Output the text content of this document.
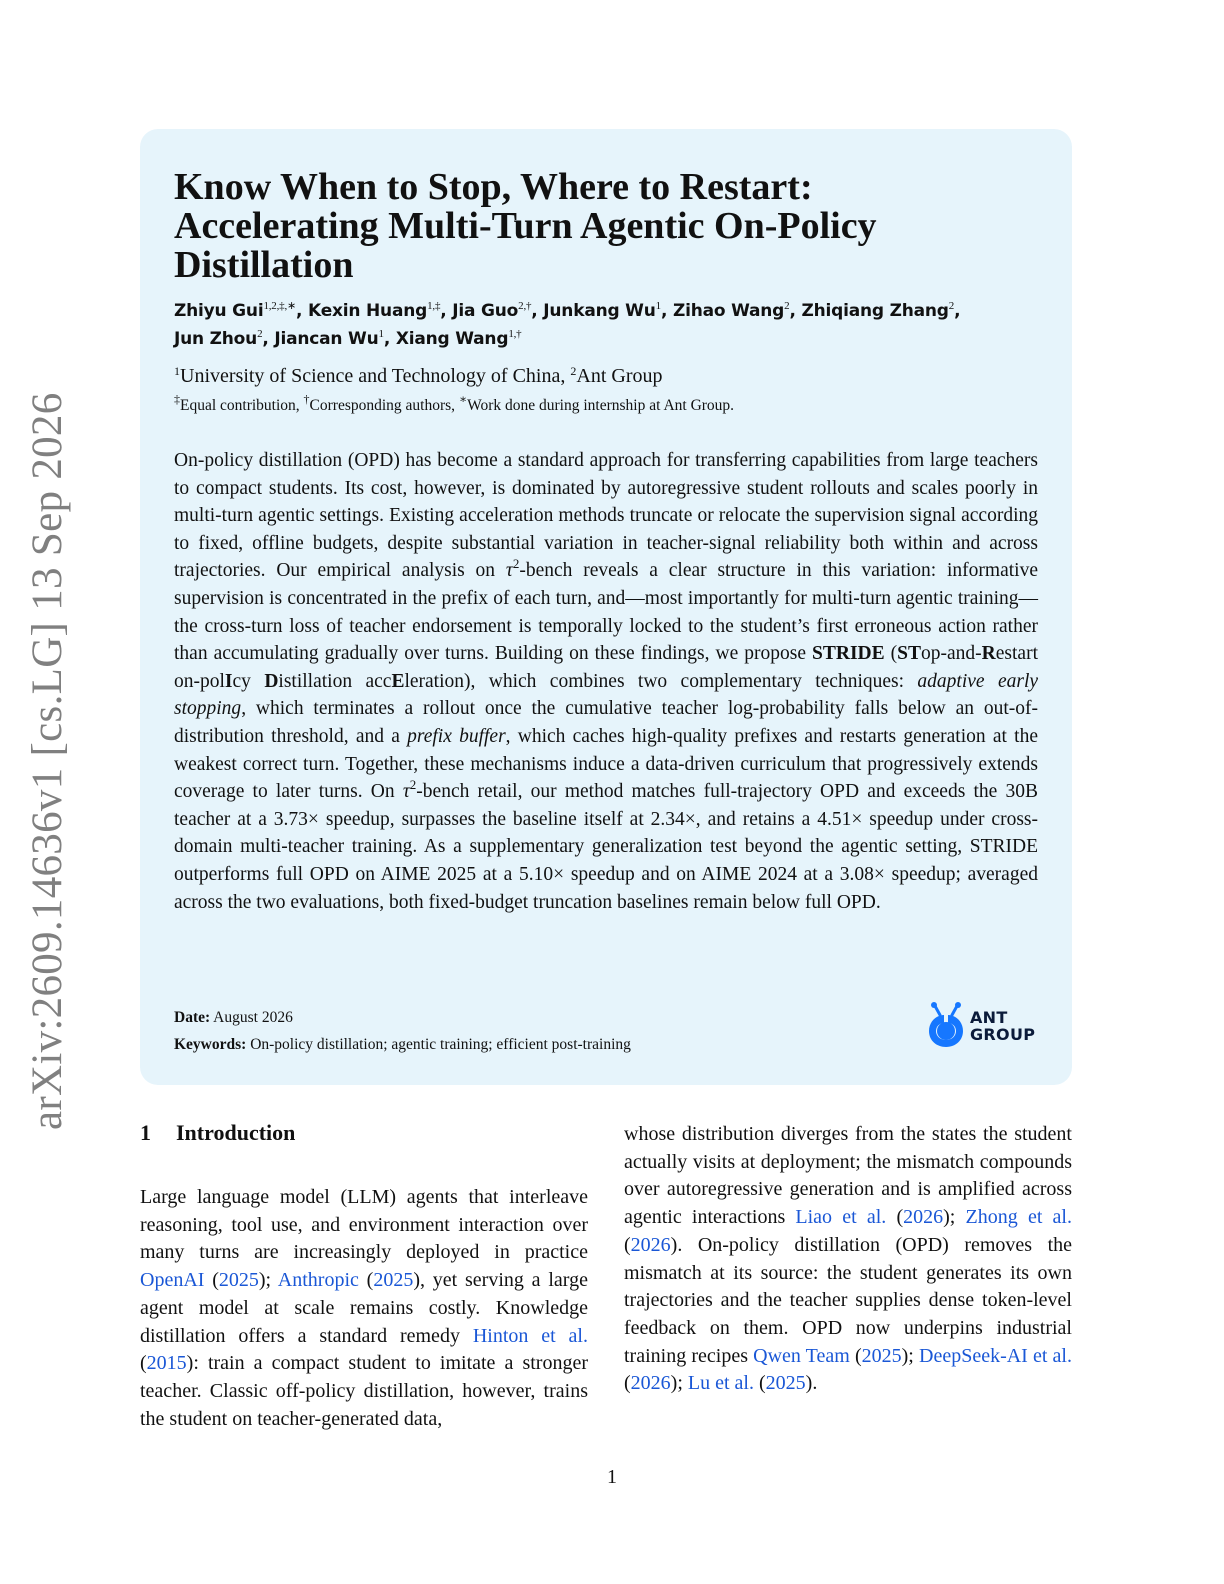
arXiv:2609.14636v1 [cs.LG] 13 Sep 2026
Know When to Stop, Where to Restart:
Accelerating Multi-Turn Agentic On-Policy
Distillation
Zhiyu Gui$^{1,2,\ddagger,∗}$, Kexin Huang$^{1,\ddagger}$, Jia Guo$^{2,\dagger}$, Junkang Wu$^1$, Zihao Wang$^2$, Zhiqiang Zhang$^2$,
Jun Zhou$^2$, Jiancan Wu$^1$, Xiang Wang$^{1,\dagger}$
$^1$University of Science and Technology of China, $^2$Ant Group
‡Equal contribution, †Corresponding authors, ∗Work done during internship at Ant Group.

On-policy distillation (OPD) has become a standard approach for transferring capabilities from large teachers to compact students. Its cost, however, is dominated by autoregressive student rollouts and scales poorly in multi-turn agentic settings. Existing acceleration methods truncate or relocate the supervision signal according to fixed, offline budgets, despite substantial variation in teacher-signal reliability both within and across trajectories. Our empirical analysis on $\tau^2$-bench reveals a clear structure in this variation: informative supervision is concentrated in the prefix of each turn, and—most importantly for multi-turn agentic training—the cross-turn loss of teacher endorsement is temporally locked to the student’s first erroneous action rather than accumulating gradually over turns. Building on these findings, we propose STRIDE (STop-and-Restart on-polIcy Distillation accEleration), which combines two complementary techniques: adaptive early stopping, which terminates a rollout once the cumulative teacher log-probability falls below an out-of-distribution threshold, and a prefix buffer, which caches high-quality prefixes and restarts generation at the weakest correct turn. Together, these mechanisms induce a data-driven curriculum that progressively extends coverage to later turns. On $\tau^2$-bench retail, our method matches full-trajectory OPD and exceeds the 30B teacher at a 3.73× speedup, surpasses the baseline itself at 2.34×, and retains a 4.51× speedup under cross-domain multi-teacher training. As a supplementary generalization test beyond the agentic setting, STRIDE outperforms full OPD on AIME 2025 at a 5.10× speedup and on AIME 2024 at a 3.08× speedup; averaged across the two evaluations, both fixed-budget truncation baselines remain below full OPD.

Date: August 2026
Keywords: On-policy distillation; agentic training; efficient post-training
ANT
GROUP
1 Introduction

Large language model (LLM) agents that interleave reasoning, tool use, and environment interaction over many turns are increasingly deployed in practice OpenAI (2025); Anthropic (2025), yet serving a large agent model at scale remains costly. Knowledge distillation offers a standard remedy Hinton et al. (2015): train a compact student to imitate a stronger teacher. Classic off-policy distillation, however, trains the student on teacher-generated data,

whose distribution diverges from the states the student actually visits at deployment; the mismatch compounds over autoregressive generation and is amplified across agentic interactions Liao et al. (2026); Zhong et al. (2026). On-policy distillation (OPD) removes the mismatch at its source: the student generates its own trajectories and the teacher supplies dense token-level feedback on them. OPD now underpins industrial training recipes Qwen Team (2025); DeepSeek-AI et al. (2026); Lu et al. (2025).

1
